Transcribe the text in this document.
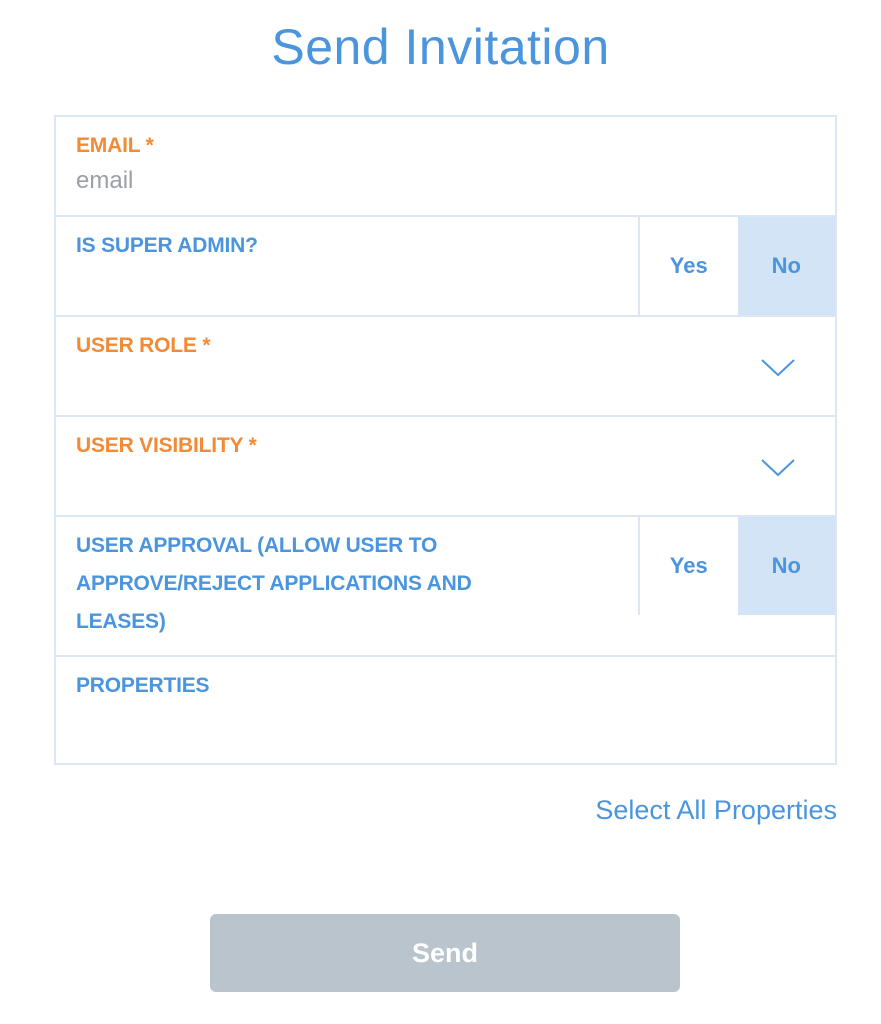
Send Invitation
EMAIL *
email
IS SUPER ADMIN?
Yes	No
USER ROLE *
USER VISIBILITY *
USER APPROVAL (ALLOW USER TO
APPROVE/REJECT APPLICATIONS AND
LEASES)
Yes	No
PROPERTIES
Select All Properties
Send
